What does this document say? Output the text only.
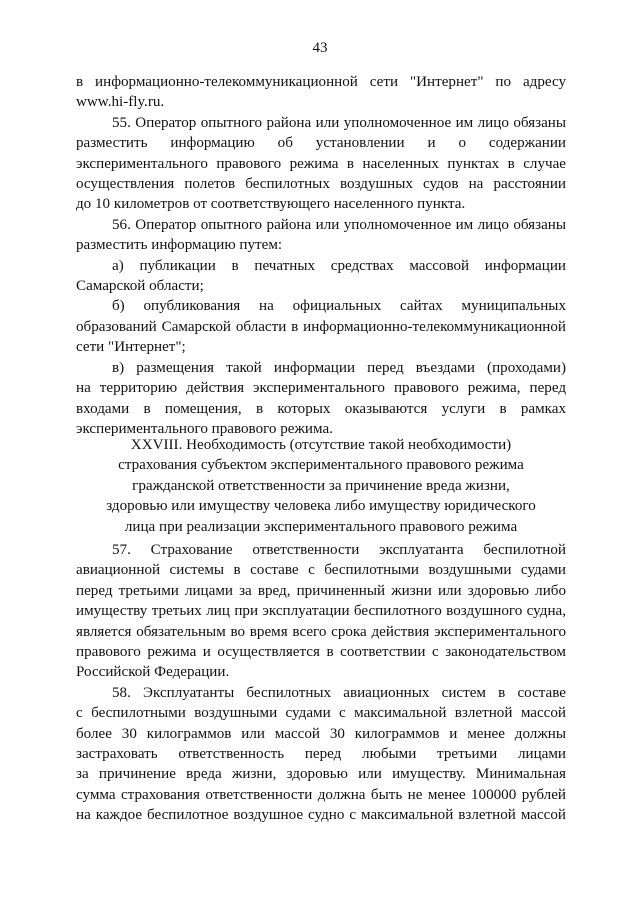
43
в информационно-телекоммуникационной сети "Интернет" по адресу
www.hi-fly.ru.
55. Оператор опытного района или уполномоченное им лицо обязаны
разместить информацию об установлении и о содержании
экспериментального правового режима в населенных пунктах в случае
осуществления полетов беспилотных воздушных судов на расстоянии
до 10 километров от соответствующего населенного пункта.
56. Оператор опытного района или уполномоченное им лицо обязаны
разместить информацию путем:
а) публикации в печатных средствах массовой информации
Самарской области;
б) опубликования на официальных сайтах муниципальных
образований Самарской области в информационно-телекоммуникационной
сети "Интернет";
в) размещения такой информации перед въездами (проходами)
на территорию действия экспериментального правового режима, перед
входами в помещения, в которых оказываются услуги в рамках
экспериментального правового режима.
XXVIII. Необходимость (отсутствие такой необходимости)
страхования субъектом экспериментального правового режима
гражданской ответственности за причинение вреда жизни,
здоровью или имуществу человека либо имуществу юридического
лица при реализации экспериментального правового режима
57. Страхование ответственности эксплуатанта беспилотной
авиационной системы в составе с беспилотными воздушными судами
перед третьими лицами за вред, причиненный жизни или здоровью либо
имуществу третьих лиц при эксплуатации беспилотного воздушного судна,
является обязательным во время всего срока действия экспериментального
правового режима и осуществляется в соответствии с законодательством
Российской Федерации.
58. Эксплуатанты беспилотных авиационных систем в составе
с беспилотными воздушными судами с максимальной взлетной массой
более 30 килограммов или массой 30 килограммов и менее должны
застраховать ответственность перед любыми третьими лицами
за причинение вреда жизни, здоровью или имуществу. Минимальная
сумма страхования ответственности должна быть не менее 100000 рублей
на каждое беспилотное воздушное судно с максимальной взлетной массой
